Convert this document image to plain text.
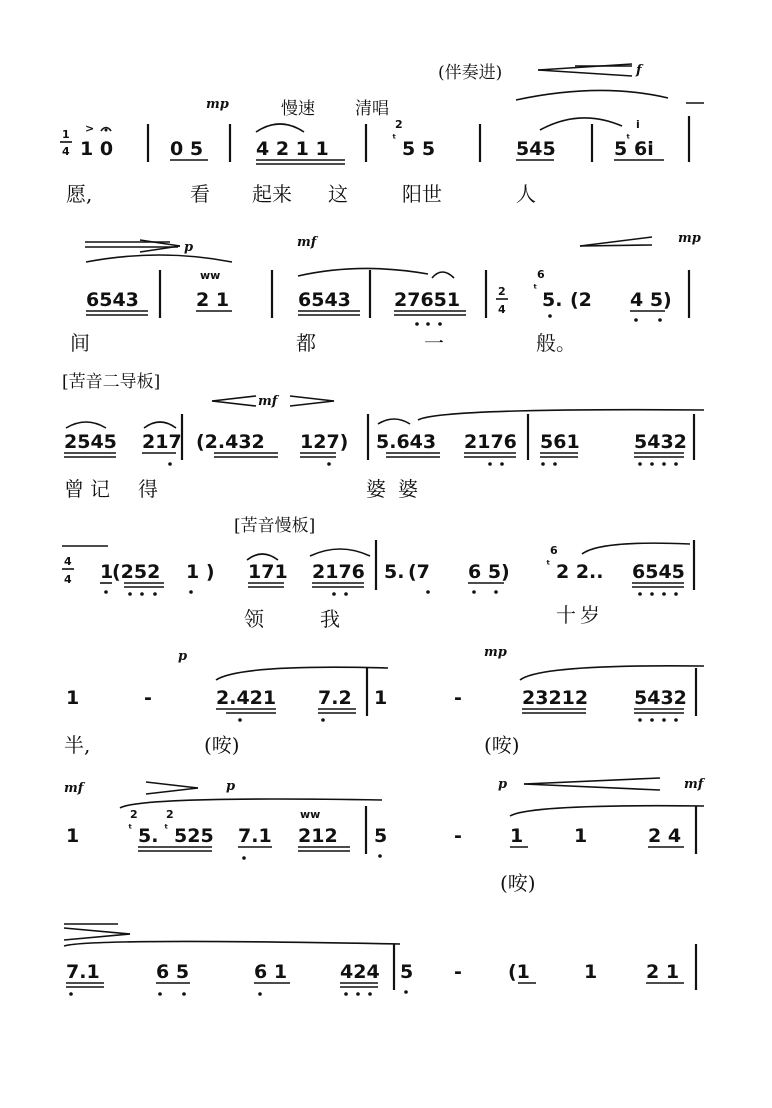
(伴奏进)	f
mp	慢速 清唱
1
4
>
1 0	0 5	4 2 1 1
2
ᵗ 5 5	545
i
5
ᵗ 6i
愿,	看 起来 这	阳世	人
p	mf	mp
6543
ww
2 1	6543 27651	2
4
6
ᵗ
5. (2 4 5)
间	都	一	般。
[苦音二导板]
mf
2545 217 (2.432 127) 5.643 2176 561	5432
曾 记 得	婆 婆
[苦音慢板]
4
4 1
(252 1 ) 171 2176 5. (7 6 5)
6
ᵗ 2 2.. 6545
领	我	十 岁
p	mp
1	-	2.421 7.2 1	-	23212 5432
半,	(咹)	(咹)
mf	p	p	mf
1
2
ᵗ 5.
2
ᵗ 525 7.1
ww
212 5	-	1	1	2 4
(咹)
7.1	6 5	6 1	424 5 - (1	1	2 1
